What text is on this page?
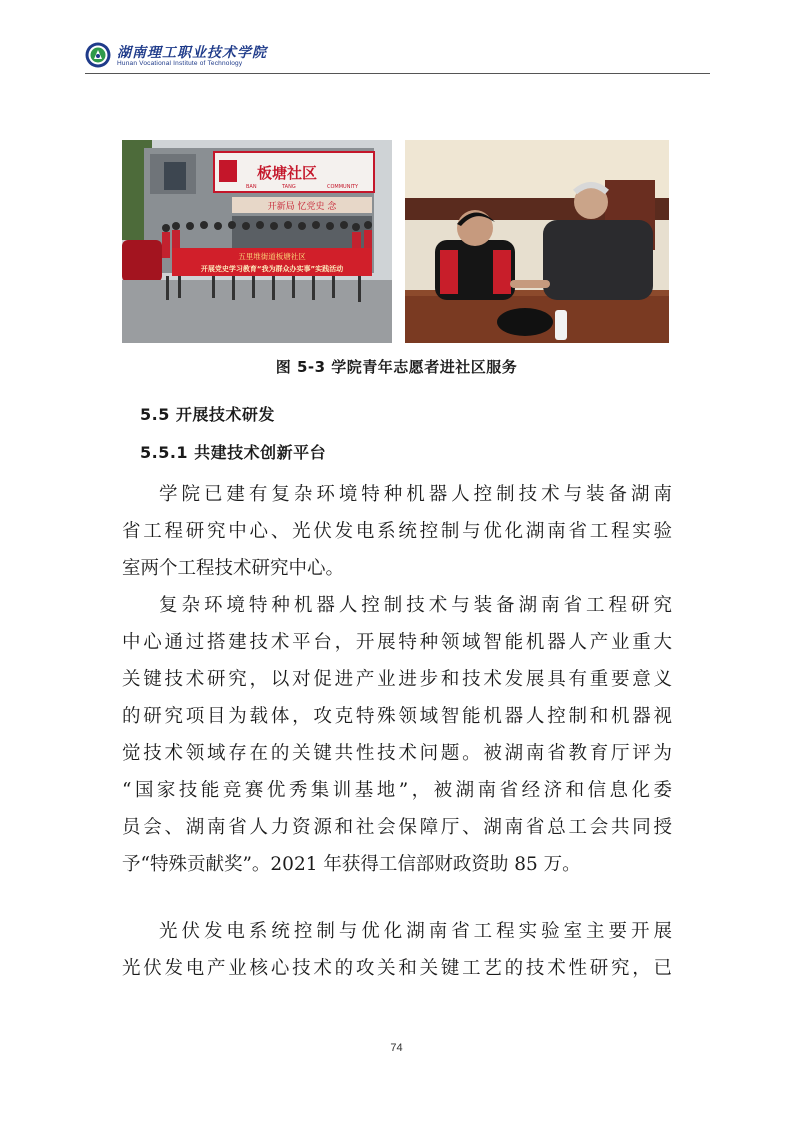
湖南理工职业技术学院
Hunan Vocational Institute of Technology
板塘社区
BAN	TANG	COMMUNITY
开新局 忆党史 念
五里堆街道板塘社区
开展党史学习教育“我为群众办实事”实践活动
图 5-3 学院青年志愿者进社区服务
5.5 开展技术研发
5.5.1 共建技术创新平台
学院已建有复杂环境特种机器人控制技术与装备湖南
省工程研究中心、光伏发电系统控制与优化湖南省工程实验
室两个工程技术研究中心。
复杂环境特种机器人控制技术与装备湖南省工程研究
中心通过搭建技术平台，开展特种领域智能机器人产业重大
关键技术研究，以对促进产业进步和技术发展具有重要意义
的研究项目为载体，攻克特殊领域智能机器人控制和机器视
觉技术领域存在的关键共性技术问题。被湖南省教育厅评为
“国家技能竞赛优秀集训基地”，被湖南省经济和信息化委
员会、湖南省人力资源和社会保障厅、湖南省总工会共同授
予“特殊贡献奖”。2021 年获得工信部财政资助 85 万。
光伏发电系统控制与优化湖南省工程实验室主要开展
光伏发电产业核心技术的攻关和关键工艺的技术性研究，已
74
